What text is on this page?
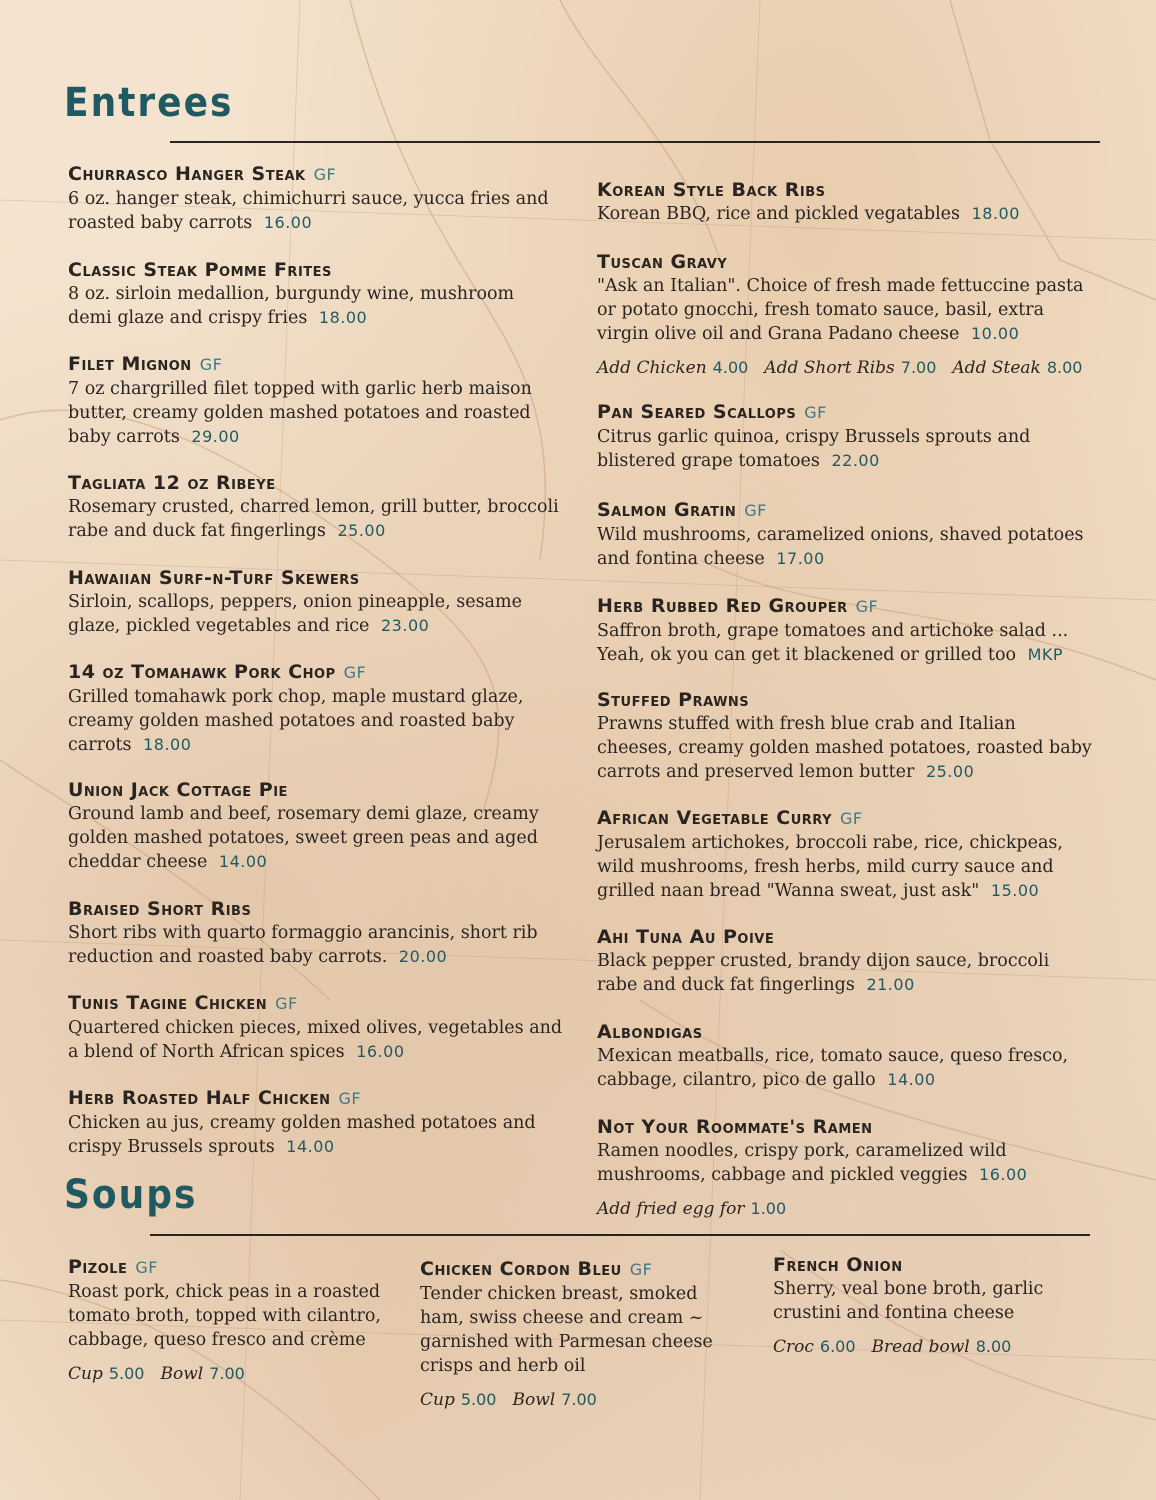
Entrees
Churrasco Hanger Steak GF
6 oz. hanger steak, chimichurri sauce, yucca fries and roasted baby carrots 16.00
Classic Steak Pomme Frites
8 oz. sirloin medallion, burgundy wine, mushroom demi glaze and crispy fries 18.00
Filet Mignon GF
7 oz chargrilled filet topped with garlic herb maison butter, creamy golden mashed potatoes and roasted baby carrots 29.00
Tagliata 12 oz Ribeye
Rosemary crusted, charred lemon, grill butter, broccoli rabe and duck fat fingerlings 25.00
Hawaiian Surf-n-Turf Skewers
Sirloin, scallops, peppers, onion pineapple, sesame glaze, pickled vegetables and rice 23.00
14 oz Tomahawk Pork Chop GF
Grilled tomahawk pork chop, maple mustard glaze, creamy golden mashed potatoes and roasted baby carrots 18.00
Union Jack Cottage Pie
Ground lamb and beef, rosemary demi glaze, creamy golden mashed potatoes, sweet green peas and aged cheddar cheese 14.00
Braised Short Ribs
Short ribs with quarto formaggio arancinis, short rib reduction and roasted baby carrots. 20.00
Tunis Tagine Chicken GF
Quartered chicken pieces, mixed olives, vegetables and a blend of North African spices 16.00
Herb Roasted Half Chicken GF
Chicken au jus, creamy golden mashed potatoes and crispy Brussels sprouts 14.00
Korean Style Back Ribs
Korean BBQ, rice and pickled vegatables 18.00
Tuscan Gravy
"Ask an Italian". Choice of fresh made fettuccine pasta or potato gnocchi, fresh tomato sauce, basil, extra virgin olive oil and Grana Padano cheese 10.00
Add Chicken 4.00 Add Short Ribs 7.00 Add Steak 8.00
Pan Seared Scallops GF
Citrus garlic quinoa, crispy Brussels sprouts and blistered grape tomatoes 22.00
Salmon Gratin GF
Wild mushrooms, caramelized onions, shaved potatoes and fontina cheese 17.00
Herb Rubbed Red Grouper GF
Saffron broth, grape tomatoes and artichoke salad ... Yeah, ok you can get it blackened or grilled too MKP
Stuffed Prawns
Prawns stuffed with fresh blue crab and Italian cheeses, creamy golden mashed potatoes, roasted baby carrots and preserved lemon butter 25.00
African Vegetable Curry GF
Jerusalem artichokes, broccoli rabe, rice, chickpeas, wild mushrooms, fresh herbs, mild curry sauce and grilled naan bread "Wanna sweat, just ask" 15.00
Ahi Tuna Au Poive
Black pepper crusted, brandy dijon sauce, broccoli rabe and duck fat fingerlings 21.00
Albondigas
Mexican meatballs, rice, tomato sauce, queso fresco, cabbage, cilantro, pico de gallo 14.00
Not Your Roommate's Ramen
Ramen noodles, crispy pork, caramelized wild mushrooms, cabbage and pickled veggies 16.00
Add fried egg for 1.00
Soups
Pizole GF
Roast pork, chick peas in a roasted tomato broth, topped with cilantro, cabbage, queso fresco and crème
Cup 5.00 Bowl 7.00
Chicken Cordon Bleu GF
Tender chicken breast, smoked ham, swiss cheese and cream ~ garnished with Parmesan cheese crisps and herb oil
Cup 5.00 Bowl 7.00
French Onion
Sherry, veal bone broth, garlic crustini and fontina cheese
Croc 6.00 Bread bowl 8.00
